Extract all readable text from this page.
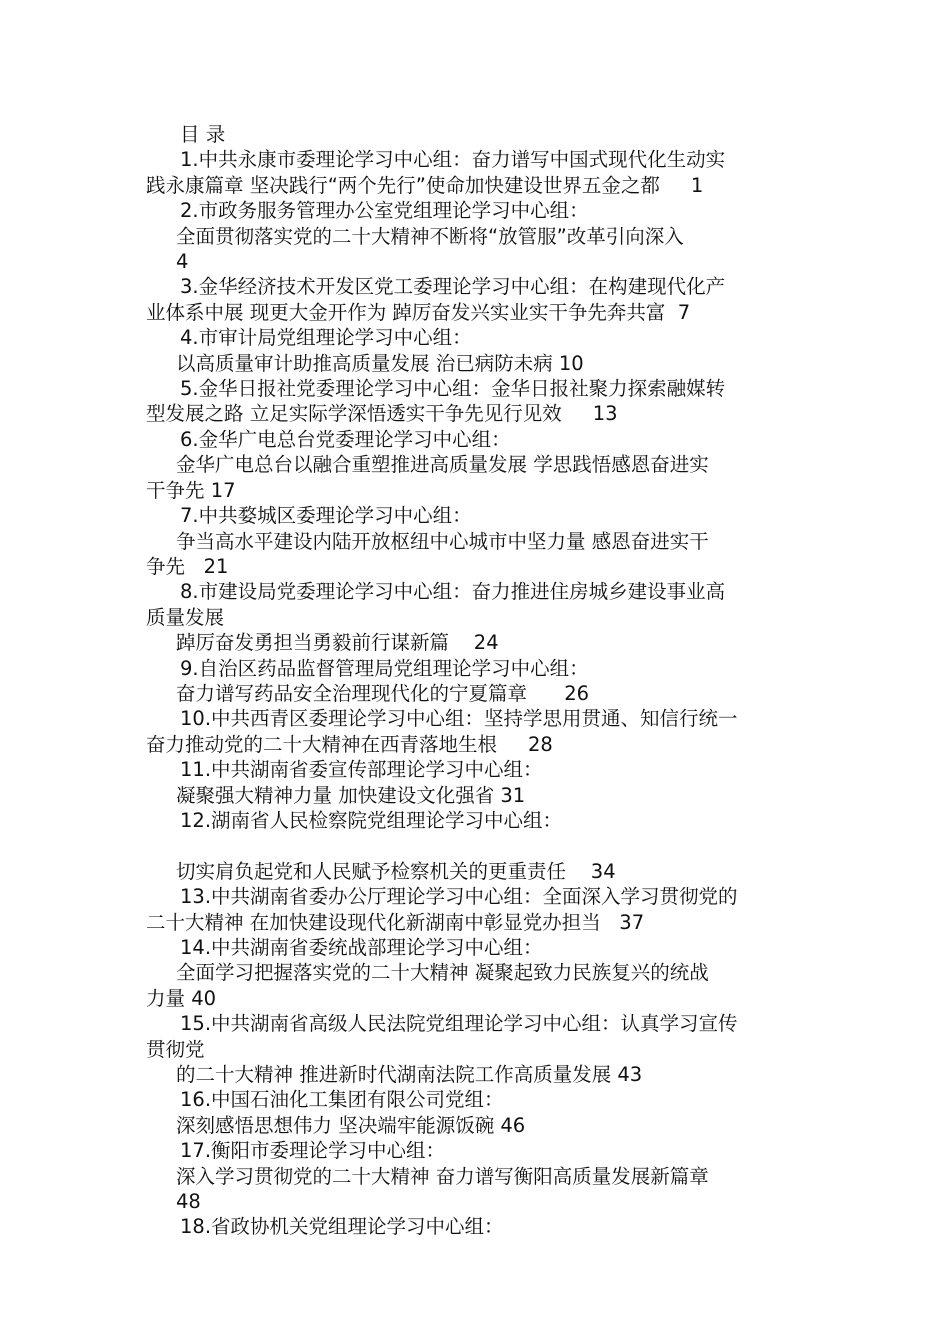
目 录
1.中共永康市委理论学习中心组：奋力谱写中国式现代化生动实
践永康篇章 坚决践行“两个先行”使命加快建设世界五金之都     1
2.市政务服务管理办公室党组理论学习中心组：
全面贯彻落实党的二十大精神不断将“放管服”改革引向深入
4
3.金华经济技术开发区党工委理论学习中心组：在构建现代化产
业体系中展 现更大金开作为 踔厉奋发兴实业实干争先奔共富  7
4.市审计局党组理论学习中心组：
以高质量审计助推高质量发展 治已病防未病 10
5.金华日报社党委理论学习中心组：金华日报社聚力探索融媒转
型发展之路 立足实际学深悟透实干争先见行见效     13
6.金华广电总台党委理论学习中心组：
金华广电总台以融合重塑推进高质量发展 学思践悟感恩奋进实
干争先 17
7.中共婺城区委理论学习中心组：
争当高水平建设内陆开放枢纽中心城市中坚力量 感恩奋进实干
争先   21
8.市建设局党委理论学习中心组：奋力推进住房城乡建设事业高
质量发展
踔厉奋发勇担当勇毅前行谋新篇    24
9.自治区药品监督管理局党组理论学习中心组：
奋力谱写药品安全治理现代化的宁夏篇章      26
10.中共西青区委理论学习中心组：坚持学思用贯通、知信行统一
奋力推动党的二十大精神在西青落地生根     28
11.中共湖南省委宣传部理论学习中心组：
凝聚强大精神力量 加快建设文化强省 31
12.湖南省人民检察院党组理论学习中心组：
切实肩负起党和人民赋予检察机关的更重责任    34
13.中共湖南省委办公厅理论学习中心组：全面深入学习贯彻党的
二十大精神 在加快建设现代化新湖南中彰显党办担当   37
14.中共湖南省委统战部理论学习中心组：
全面学习把握落实党的二十大精神 凝聚起致力民族复兴的统战
力量 40
15.中共湖南省高级人民法院党组理论学习中心组：认真学习宣传
贯彻党
的二十大精神 推进新时代湖南法院工作高质量发展 43
16.中国石油化工集团有限公司党组：
深刻感悟思想伟力 坚决端牢能源饭碗 46
17.衡阳市委理论学习中心组：
深入学习贯彻党的二十大精神 奋力谱写衡阳高质量发展新篇章
48
18.省政协机关党组理论学习中心组：
